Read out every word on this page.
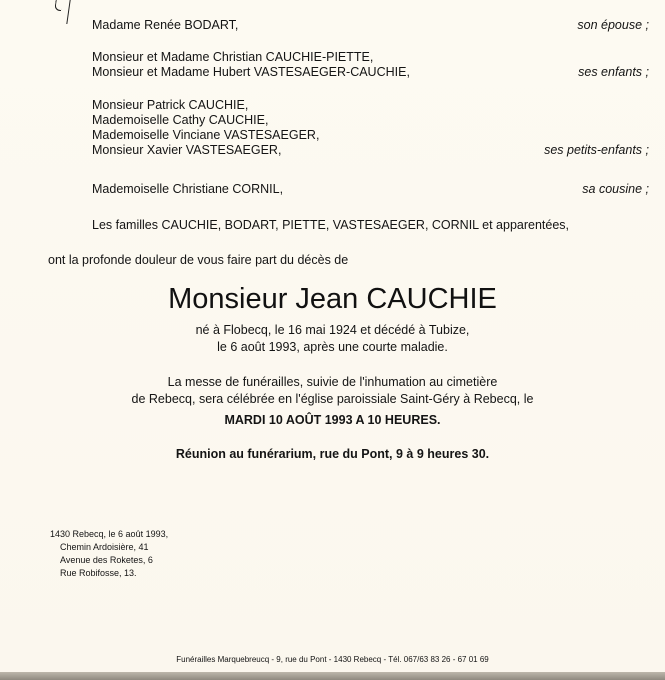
Madame Renée BODART,	son épouse ;
Monsieur et Madame Christian CAUCHIE-PIETTE,
Monsieur et Madame Hubert VASTESAEGER-CAUCHIE,	ses enfants ;
Monsieur Patrick CAUCHIE,
Mademoiselle Cathy CAUCHIE,
Mademoiselle Vinciane VASTESAEGER,
Monsieur Xavier VASTESAEGER,	ses petits-enfants ;
Mademoiselle Christiane CORNIL,	sa cousine ;
Les familles CAUCHIE, BODART, PIETTE, VASTESAEGER, CORNIL et apparentées,
ont la profonde douleur de vous faire part du décès de
Monsieur Jean CAUCHIE
né à Flobecq, le 16 mai 1924 et décédé à Tubize,
le 6 août 1993, après une courte maladie.
La messe de funérailles, suivie de l'inhumation au cimetière
de Rebecq, sera célébrée en l'église paroissiale Saint-Géry à Rebecq, le
MARDI 10 AOÛT 1993 A 10 HEURES.
Réunion au funérarium, rue du Pont, 9 à 9 heures 30.
1430 Rebecq, le 6 août 1993,
Chemin Ardoisière, 41
Avenue des Roketes, 6
Rue Robifosse, 13.
Funérailles Marquebreucq - 9, rue du Pont - 1430 Rebecq - Tél. 067/63 83 26 - 67 01 69
